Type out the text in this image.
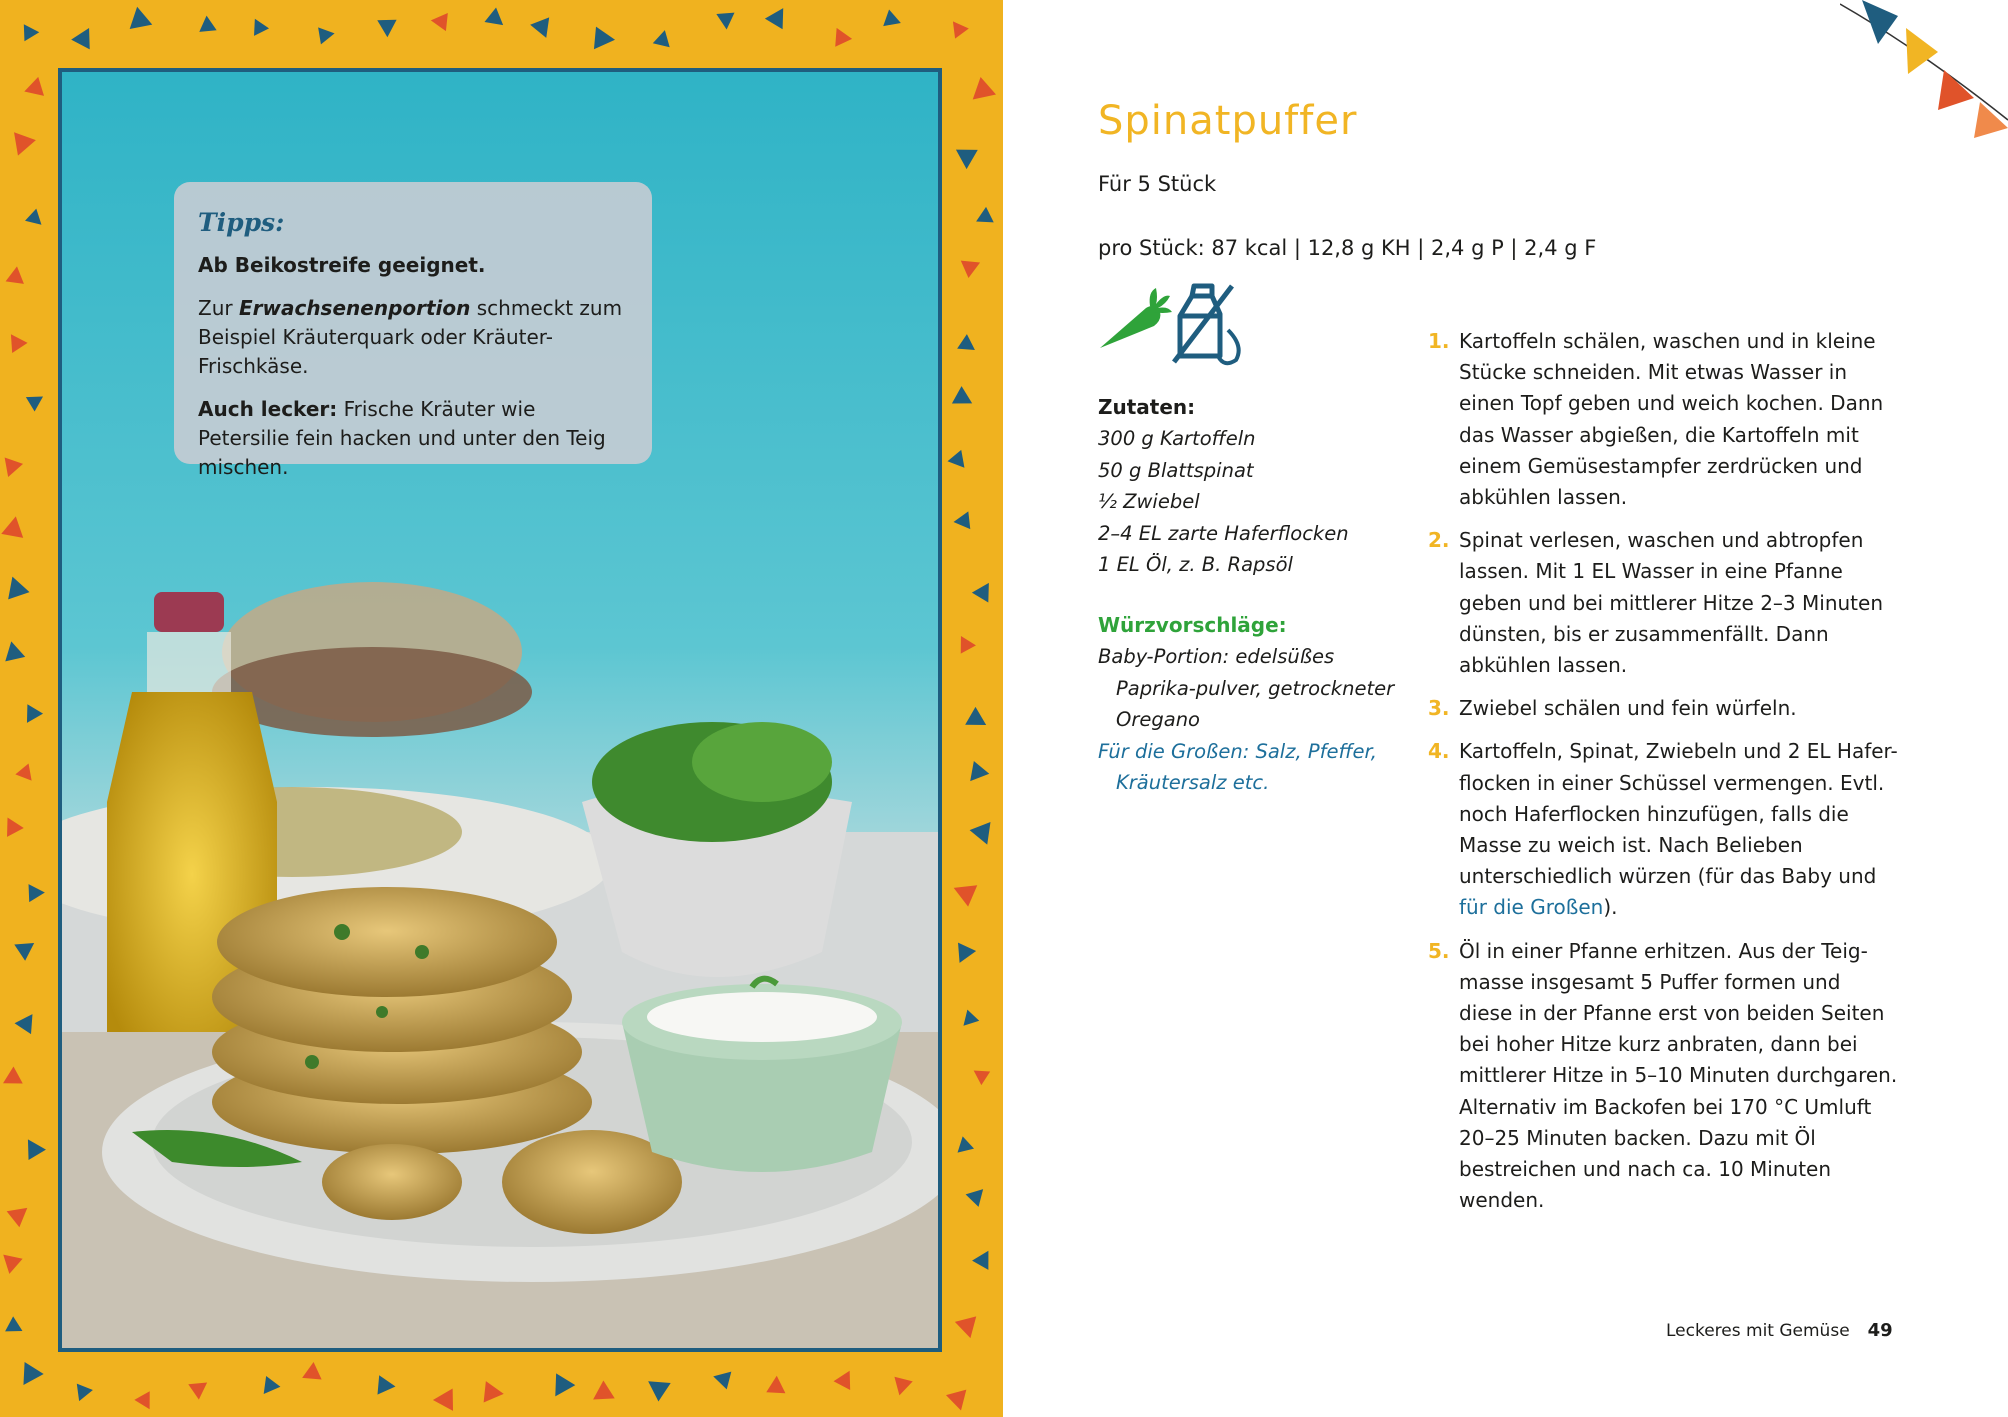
Tipps:

Ab Beikostreife geeignet.

Zur Erwachsenenportion schmeckt zum Beispiel Kräuterquark oder Kräuter-Frischkäse.

Auch lecker: Frische Kräuter wie Petersilie fein hacken und unter den Teig mischen.

Spinatpuffer
Für 5 Stück
pro Stück: 87 kcal | 12,8 g KH | 2,4 g P | 2,4 g F
Zutaten:
300 g Kartoffeln
50 g Blattspinat
½ Zwiebel
2–4 EL zarte Haferflocken
1 EL Öl, z. B. Rapsöl
Würzvorschläge:

Baby-Portion: edelsüßes Paprika-pulver, getrockneter Oregano

Für die Großen: Salz, Pfeffer, Kräutersalz etc.

1. Kartoffeln schälen, waschen und in kleine Stücke schneiden. Mit etwas Wasser in einen Topf geben und weich kochen. Dann das Wasser abgießen, die Kartoffeln mit einem Gemüsestampfer zerdrücken und abkühlen lassen.
2. Spinat verlesen, waschen und abtropfen lassen. Mit 1 EL Wasser in eine Pfanne geben und bei mittlerer Hitze 2–3 Minuten dünsten, bis er zusammenfällt. Dann abkühlen lassen.
3. Zwiebel schälen und fein würfeln.
4. Kartoffeln, Spinat, Zwiebeln und 2 EL Hafer-flocken in einer Schüssel vermengen. Evtl. noch Haferflocken hinzufügen, falls die Masse zu weich ist. Nach Belieben unterschiedlich würzen (für das Baby und für die Großen).
5. Öl in einer Pfanne erhitzen. Aus der Teig-masse insgesamt 5 Puffer formen und diese in der Pfanne erst von beiden Seiten bei hoher Hitze kurz anbraten, dann bei mittlerer Hitze in 5–10 Minuten durchgaren. Alternativ im Backofen bei 170 °C Umluft 20–25 Minuten backen. Dazu mit Öl bestreichen und nach ca. 10 Minuten wenden.
Leckeres mit Gemüse 49
